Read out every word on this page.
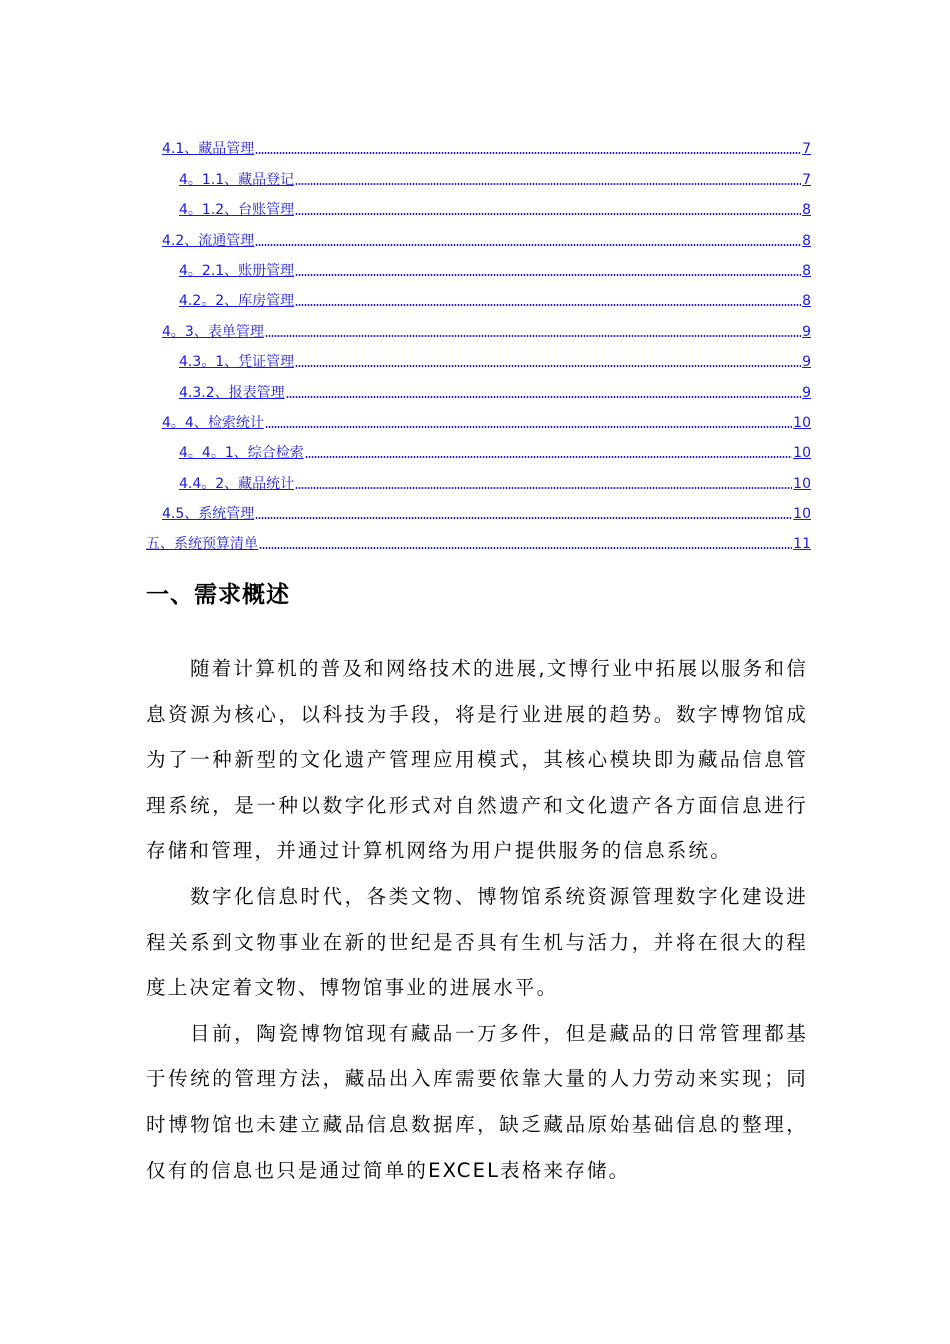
4.1、藏品管理	7
4。1.1、藏品登记	7
4。1.2、台账管理	8
4.2、流通管理	8
4。2.1、账册管理	8
4.2。2、库房管理	8
4。3、表单管理	9
4.3。1、凭证管理	9
4.3.2、报表管理	9
4。4、检索统计	10
4。4。1、综合检索	10
4.4。2、藏品统计	10
4.5、系统管理	10
五、系统预算清单	11
一、需求概述

随着计算机的普及和网络技术的进展,文博行业中拓展以服务和信息资源为核心，以科技为手段，将是行业进展的趋势。数字博物馆成为了一种新型的文化遗产管理应用模式，其核心模块即为藏品信息管理系统，是一种以数字化形式对自然遗产和文化遗产各方面信息进行存储和管理，并通过计算机网络为用户提供服务的信息系统。

数字化信息时代，各类文物、博物馆系统资源管理数字化建设进程关系到文物事业在新的世纪是否具有生机与活力，并将在很大的程度上决定着文物、博物馆事业的进展水平。

目前，陶瓷博物馆现有藏品一万多件，但是藏品的日常管理都基于传统的管理方法，藏品出入库需要依靠大量的人力劳动来实现；同时博物馆也未建立藏品信息数据库，缺乏藏品原始基础信息的整理，仅有的信息也只是通过简单的EXCEL表格来存储。
